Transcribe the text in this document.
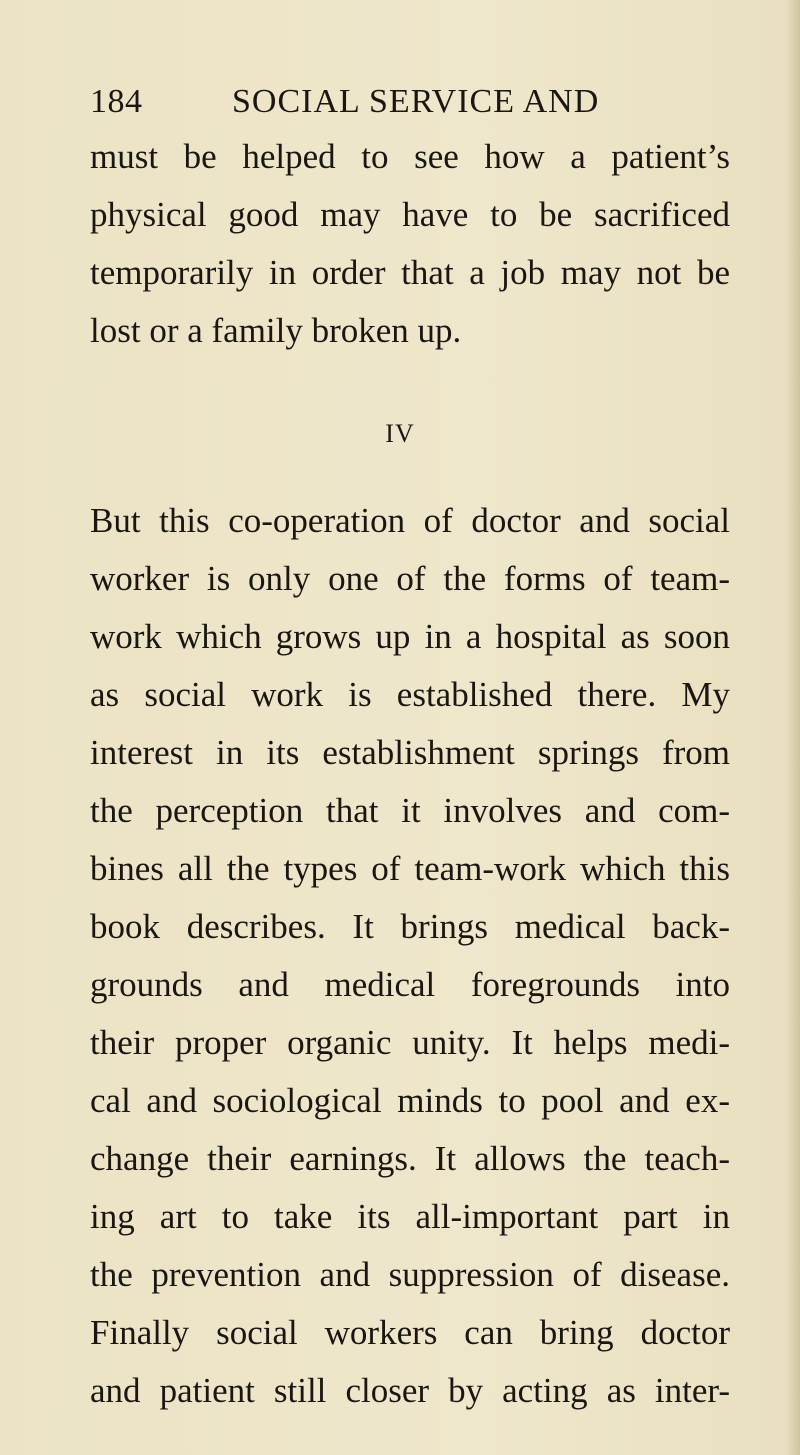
184	SOCIAL SERVICE AND
must be helped to see how a patient’s
physical good may have to be sacrificed
temporarily in order that a job may not be
lost or a family broken up.
IV
But this co-operation of doctor and social
worker is only one of the forms of team-
work which grows up in a hospital as soon
as social work is established there. My
interest in its establishment springs from
the perception that it involves and com-
bines all the types of team-work which this
book describes. It brings medical back-
grounds and medical foregrounds into
their proper organic unity. It helps medi-
cal and sociological minds to pool and ex-
change their earnings. It allows the teach-
ing art to take its all-important part in
the prevention and suppression of disease.
Finally social workers can bring doctor
and patient still closer by acting as inter-
